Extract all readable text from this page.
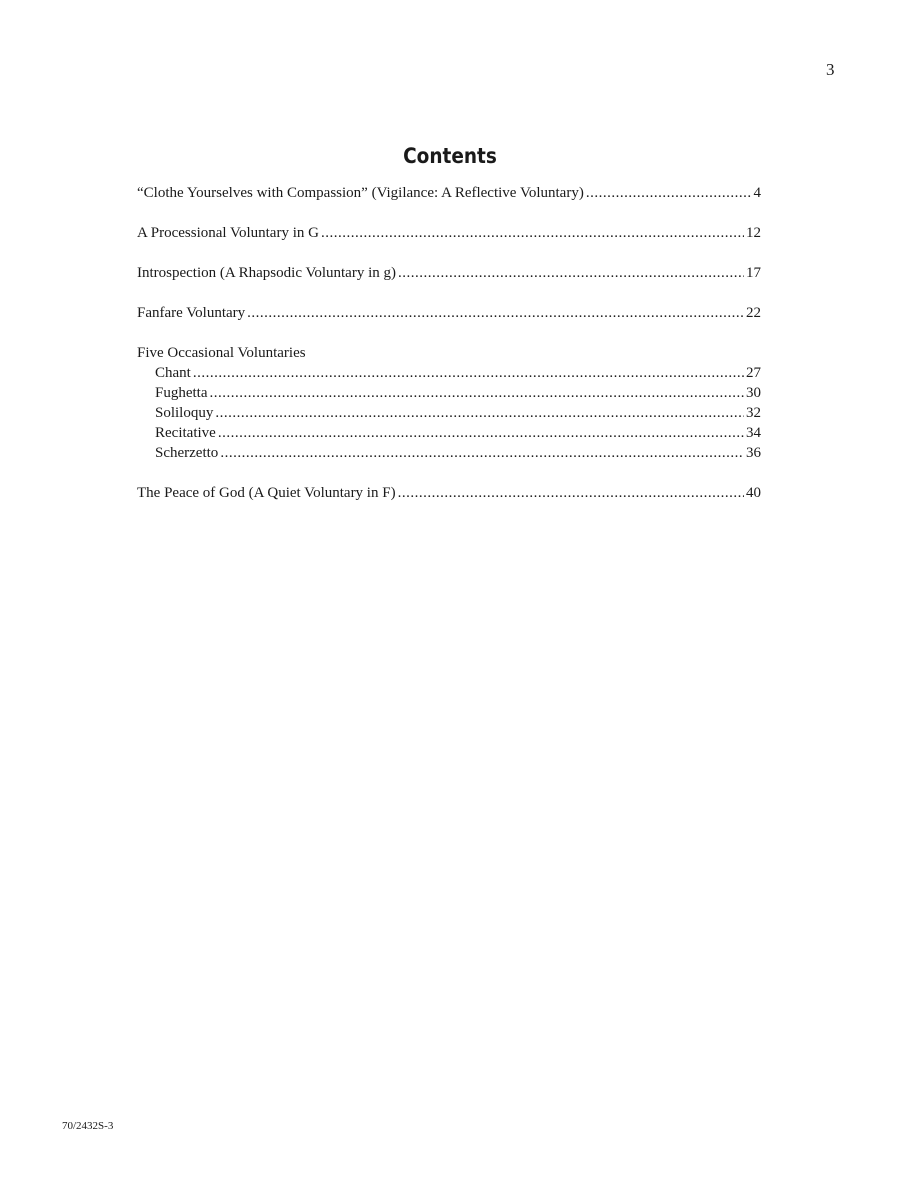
3
Contents
“Clothe Yourselves with Compassion” (Vigilance: A Reflective Voluntary) .....	4
A Processional Voluntary in G .....	12
Introspection (A Rhapsodic Voluntary in g) .....	17
Fanfare Voluntary .....	22
Five Occasional Voluntaries
Chant .....	27
Fughetta .....	30
Soliloquy .....	32
Recitative .....	34
Scherzetto .....	36
The Peace of God (A Quiet Voluntary in F) .....	40
70/2432S-3
